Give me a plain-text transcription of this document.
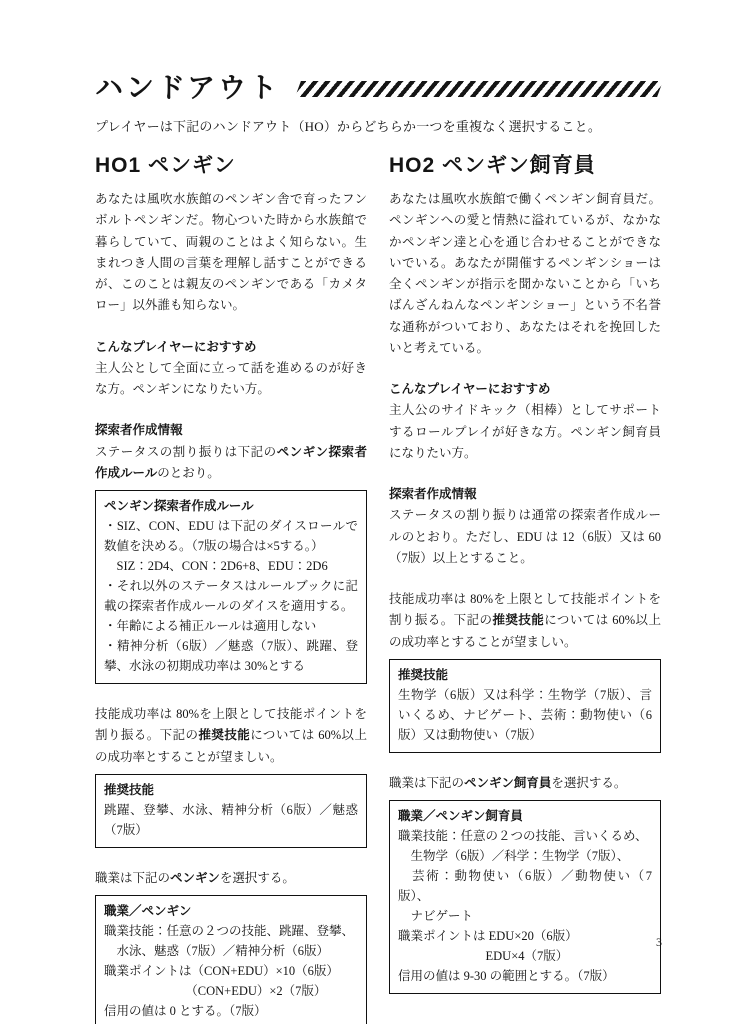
ハンドアウト

プレイヤーは下記のハンドアウト（HO）からどちらか一つを重複なく選択すること。

HO1 ペンギン

あなたは風吹水族館のペンギン舎で育ったフンボルトペンギンだ。物心ついた時から水族館で暮らしていて、両親のことはよく知らない。生まれつき人間の言葉を理解し話すことができるが、このことは親友のペンギンである「カメタロー」以外誰も知らない。

こんなプレイヤーにおすすめ

主人公として全面に立って話を進めるのが好きな方。ペンギンになりたい方。

探索者作成情報

ステータスの割り振りは下記のペンギン探索者作成ルールのとおり。

ペンギン探索者作成ルール

・SIZ、CON、EDU は下記のダイスロールで数値を決める。（7版の場合は×5する。）

　SIZ：2D4、CON：2D6+8、EDU：2D6

・それ以外のステータスはルールブックに記載の探索者作成ルールのダイスを適用する。

・年齢による補正ルールは適用しない

・精神分析（6版）／魅惑（7版）、跳躍、登攀、水泳の初期成功率は 30%とする

技能成功率は 80%を上限として技能ポイントを割り振る。下記の推奨技能については 60%以上の成功率とすることが望ましい。

推奨技能

跳躍、登攀、水泳、精神分析（6版）／魅惑（7版）

職業は下記のペンギンを選択する。

職業／ペンギン

職業技能：任意の２つの技能、跳躍、登攀、

　水泳、魅惑（7版）／精神分析（6版）

職業ポイントは（CON+EDU）×10（6版）

　　　　　　　（CON+EDU）×2（7版）

信用の値は 0 とする。（7版）

HO2 ペンギン飼育員

あなたは風吹水族館で働くペンギン飼育員だ。ペンギンへの愛と情熱に溢れているが、なかなかペンギン達と心を通じ合わせることができないでいる。あなたが開催するペンギンショーは全くペンギンが指示を聞かないことから「いちばんざんねんなペンギンショー」という不名誉な通称がついており、あなたはそれを挽回したいと考えている。

こんなプレイヤーにおすすめ

主人公のサイドキック（相棒）としてサポートするロールプレイが好きな方。ペンギン飼育員になりたい方。

探索者作成情報

ステータスの割り振りは通常の探索者作成ルールのとおり。ただし、EDU は 12（6版）又は 60（7版）以上とすること。

技能成功率は 80%を上限として技能ポイントを割り振る。下記の推奨技能については 60%以上の成功率とすることが望ましい。

推奨技能

生物学（6版）又は科学：生物学（7版）、言いくるめ、ナビゲート、芸術：動物使い（6版）又は動物使い（7版）

職業は下記のペンギン飼育員を選択する。

職業／ペンギン飼育員

職業技能：任意の２つの技能、言いくるめ、

　生物学（6版）／科学：生物学（7版）、

　芸術：動物使い（6版）／動物使い（7版）、

　ナビゲート

職業ポイントは EDU×20（6版）

　　　　　　　EDU×4（7版）

信用の値は 9-30 の範囲とする。（7版）

3
